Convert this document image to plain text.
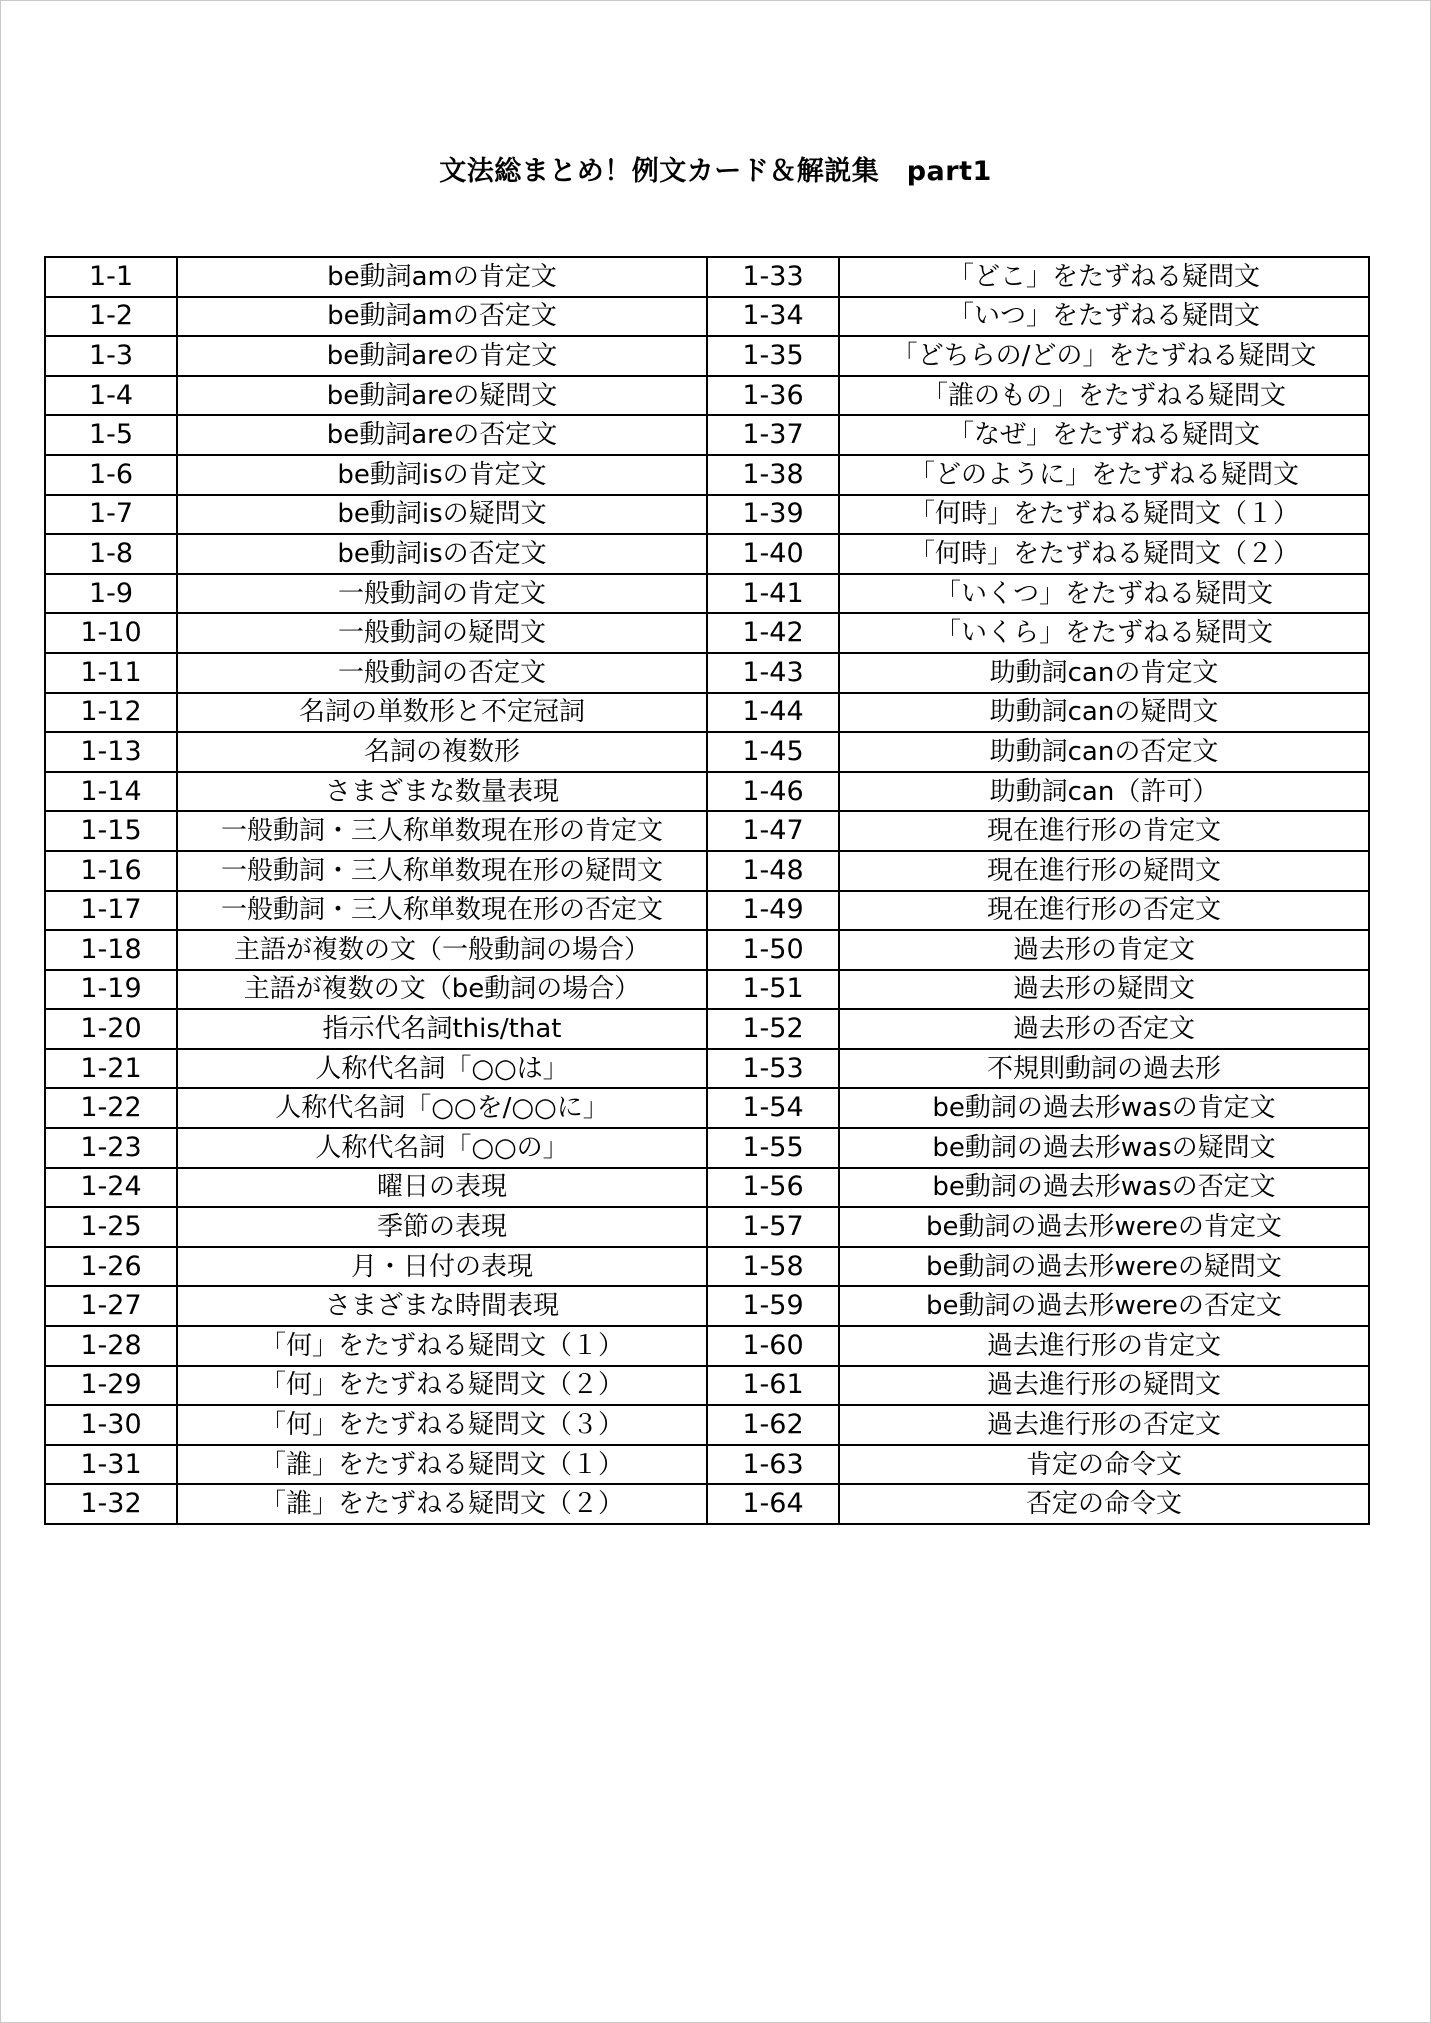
文法総まとめ！例文カード＆解説集　part1
1-1	be動詞amの肯定文	1-33	「どこ」をたずねる疑問文
1-2	be動詞amの否定文	1-34	「いつ」をたずねる疑問文
1-3	be動詞areの肯定文	1-35	「どちらの/どの」をたずねる疑問文
1-4	be動詞areの疑問文	1-36	「誰のもの」をたずねる疑問文
1-5	be動詞areの否定文	1-37	「なぜ」をたずねる疑問文
1-6	be動詞isの肯定文	1-38	「どのように」をたずねる疑問文
1-7	be動詞isの疑問文	1-39	「何時」をたずねる疑問文（１）
1-8	be動詞isの否定文	1-40	「何時」をたずねる疑問文（２）
1-9	一般動詞の肯定文	1-41	「いくつ」をたずねる疑問文
1-10	一般動詞の疑問文	1-42	「いくら」をたずねる疑問文
1-11	一般動詞の否定文	1-43	助動詞canの肯定文
1-12	名詞の単数形と不定冠詞	1-44	助動詞canの疑問文
1-13	名詞の複数形	1-45	助動詞canの否定文
1-14	さまざまな数量表現	1-46	助動詞can（許可）
1-15	一般動詞・三人称単数現在形の肯定文	1-47	現在進行形の肯定文
1-16	一般動詞・三人称単数現在形の疑問文	1-48	現在進行形の疑問文
1-17	一般動詞・三人称単数現在形の否定文	1-49	現在進行形の否定文
1-18	主語が複数の文（一般動詞の場合）	1-50	過去形の肯定文
1-19	主語が複数の文（be動詞の場合）	1-51	過去形の疑問文
1-20	指示代名詞this/that	1-52	過去形の否定文
1-21	人称代名詞「○○は」	1-53	不規則動詞の過去形
1-22	人称代名詞「○○を/○○に」	1-54	be動詞の過去形wasの肯定文
1-23	人称代名詞「○○の」	1-55	be動詞の過去形wasの疑問文
1-24	曜日の表現	1-56	be動詞の過去形wasの否定文
1-25	季節の表現	1-57	be動詞の過去形wereの肯定文
1-26	月・日付の表現	1-58	be動詞の過去形wereの疑問文
1-27	さまざまな時間表現	1-59	be動詞の過去形wereの否定文
1-28	「何」をたずねる疑問文（１）	1-60	過去進行形の肯定文
1-29	「何」をたずねる疑問文（２）	1-61	過去進行形の疑問文
1-30	「何」をたずねる疑問文（３）	1-62	過去進行形の否定文
1-31	「誰」をたずねる疑問文（１）	1-63	肯定の命令文
1-32	「誰」をたずねる疑問文（２）	1-64	否定の命令文
